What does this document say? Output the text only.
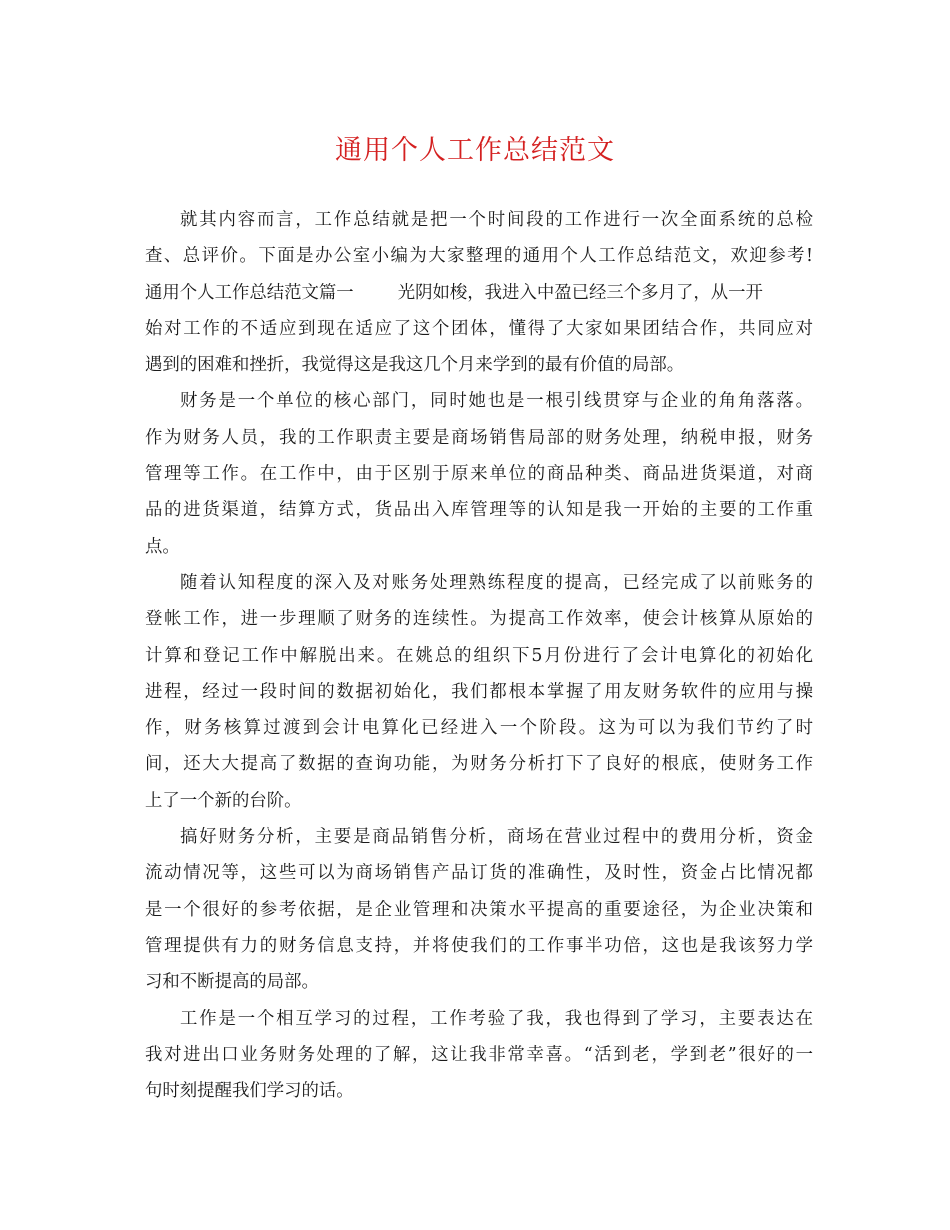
通用个人工作总结范文
就其内容而言，工作总结就是把一个时间段的工作进行一次全面系统的总检
查、总评价。下面是办公室小编为大家整理的通用个人工作总结范文，欢迎参考!
通用个人工作总结范文篇一	光阴如梭，我进入中盈已经三个多月了，从一开
始对工作的不适应到现在适应了这个团体，懂得了大家如果团结合作，共同应对
遇到的困难和挫折，我觉得这是我这几个月来学到的最有价值的局部。
财务是一个单位的核心部门，同时她也是一根引线贯穿与企业的角角落落。
作为财务人员，我的工作职责主要是商场销售局部的财务处理，纳税申报，财务
管理等工作。在工作中，由于区别于原来单位的商品种类、商品进货渠道，对商
品的进货渠道，结算方式，货品出入库管理等的认知是我一开始的主要的工作重
点。
随着认知程度的深入及对账务处理熟练程度的提高，已经完成了以前账务的
登帐工作，进一步理顺了财务的连续性。为提高工作效率，使会计核算从原始的
计算和登记工作中解脱出来。在姚总的组织下5月份进行了会计电算化的初始化
进程，经过一段时间的数据初始化，我们都根本掌握了用友财务软件的应用与操
作，财务核算过渡到会计电算化已经进入一个阶段。这为可以为我们节约了时
间，还大大提高了数据的查询功能，为财务分析打下了良好的根底，使财务工作
上了一个新的台阶。
搞好财务分析，主要是商品销售分析，商场在营业过程中的费用分析，资金
流动情况等，这些可以为商场销售产品订货的准确性，及时性，资金占比情况都
是一个很好的参考依据，是企业管理和决策水平提高的重要途径，为企业决策和
管理提供有力的财务信息支持，并将使我们的工作事半功倍，这也是我该努力学
习和不断提高的局部。
工作是一个相互学习的过程，工作考验了我，我也得到了学习，主要表达在
我对进出口业务财务处理的了解，这让我非常幸喜。“活到老，学到老”很好的一
句时刻提醒我们学习的话。
